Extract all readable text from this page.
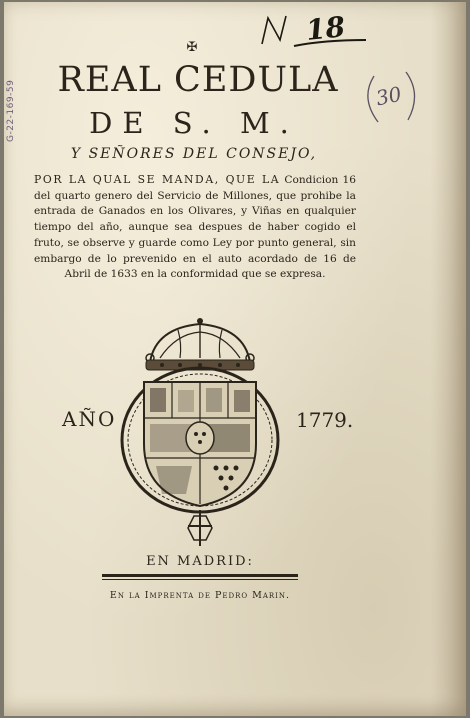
G-22-169-59
18
30
✠
REAL CEDULA
DE S. M.
Y SEÑORES DEL CONSEJO,
POR LA QUAL SE MANDA, QUE LA Condicion 16 del quarto genero del Servicio de Millones, que prohibe la entrada de Ganados en los Olivares, y Viñas en qualquier tiempo del año, aunque sea despues de haber cogido el fruto, se observe y guarde como Ley por punto general, sin embargo de lo prevenido en el auto acordado de 16 de Abril de 1633 en la conformidad que se expresa.
AÑO	1779.
EN MADRID:
En la Imprenta de Pedro Marin.
